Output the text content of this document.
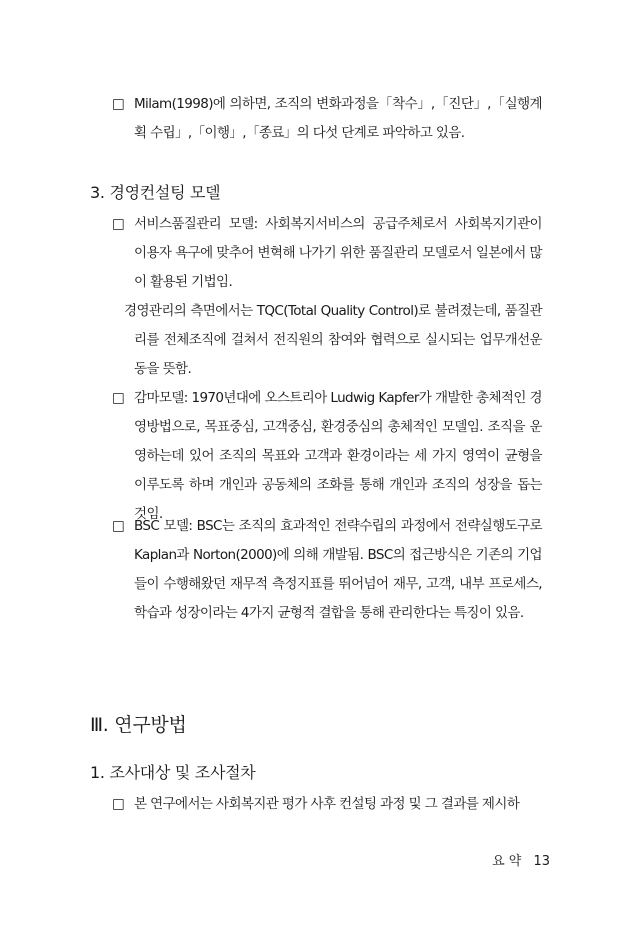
□ Milam(1998)에 의하면, 조직의 변화과정을「착수」,「진단」,「실행계획 수립」,「이행」,「종료」의 다섯 단계로 파악하고 있음.
3. 경영컨설팅 모델
□ 서비스품질관리 모델: 사회복지서비스의 공급주체로서 사회복지기관이 이용자 욕구에 맞추어 변혁해 나가기 위한 품질관리 모델로서 일본에서 많이 활용된 기법임.
경영관리의 측면에서는 TQC(Total Quality Control)로 불려졌는데, 품질관리를 전체조직에 걸쳐서 전직원의 참여와 협력으로 실시되는 업무개선운동을 뜻함.
□ 감마모델: 1970년대에 오스트리아 Ludwig Kapfer가 개발한 총체적인 경영방법으로, 목표중심, 고객중심, 환경중심의 총체적인 모델임. 조직을 운영하는데 있어 조직의 목표와 고객과 환경이라는 세 가지 영역이 균형을 이루도록 하며 개인과 공동체의 조화를 통해 개인과 조직의 성장을 돕는 것임.
□ BSC 모델: BSC는 조직의 효과적인 전략수립의 과정에서 전략실행도구로 Kaplan과 Norton(2000)에 의해 개발됨. BSC의 접근방식은 기존의 기업들이 수행해왔던 재무적 측정지표를 뛰어넘어 재무, 고객, 내부 프로세스, 학습과 성장이라는 4가지 균형적 결합을 통해 관리한다는 특징이 있음.
Ⅲ. 연구방법
1. 조사대상 및 조사절차
□ 본 연구에서는 사회복지관 평가 사후 컨설팅 과정 및 그 결과를 제시하
요 약 13
